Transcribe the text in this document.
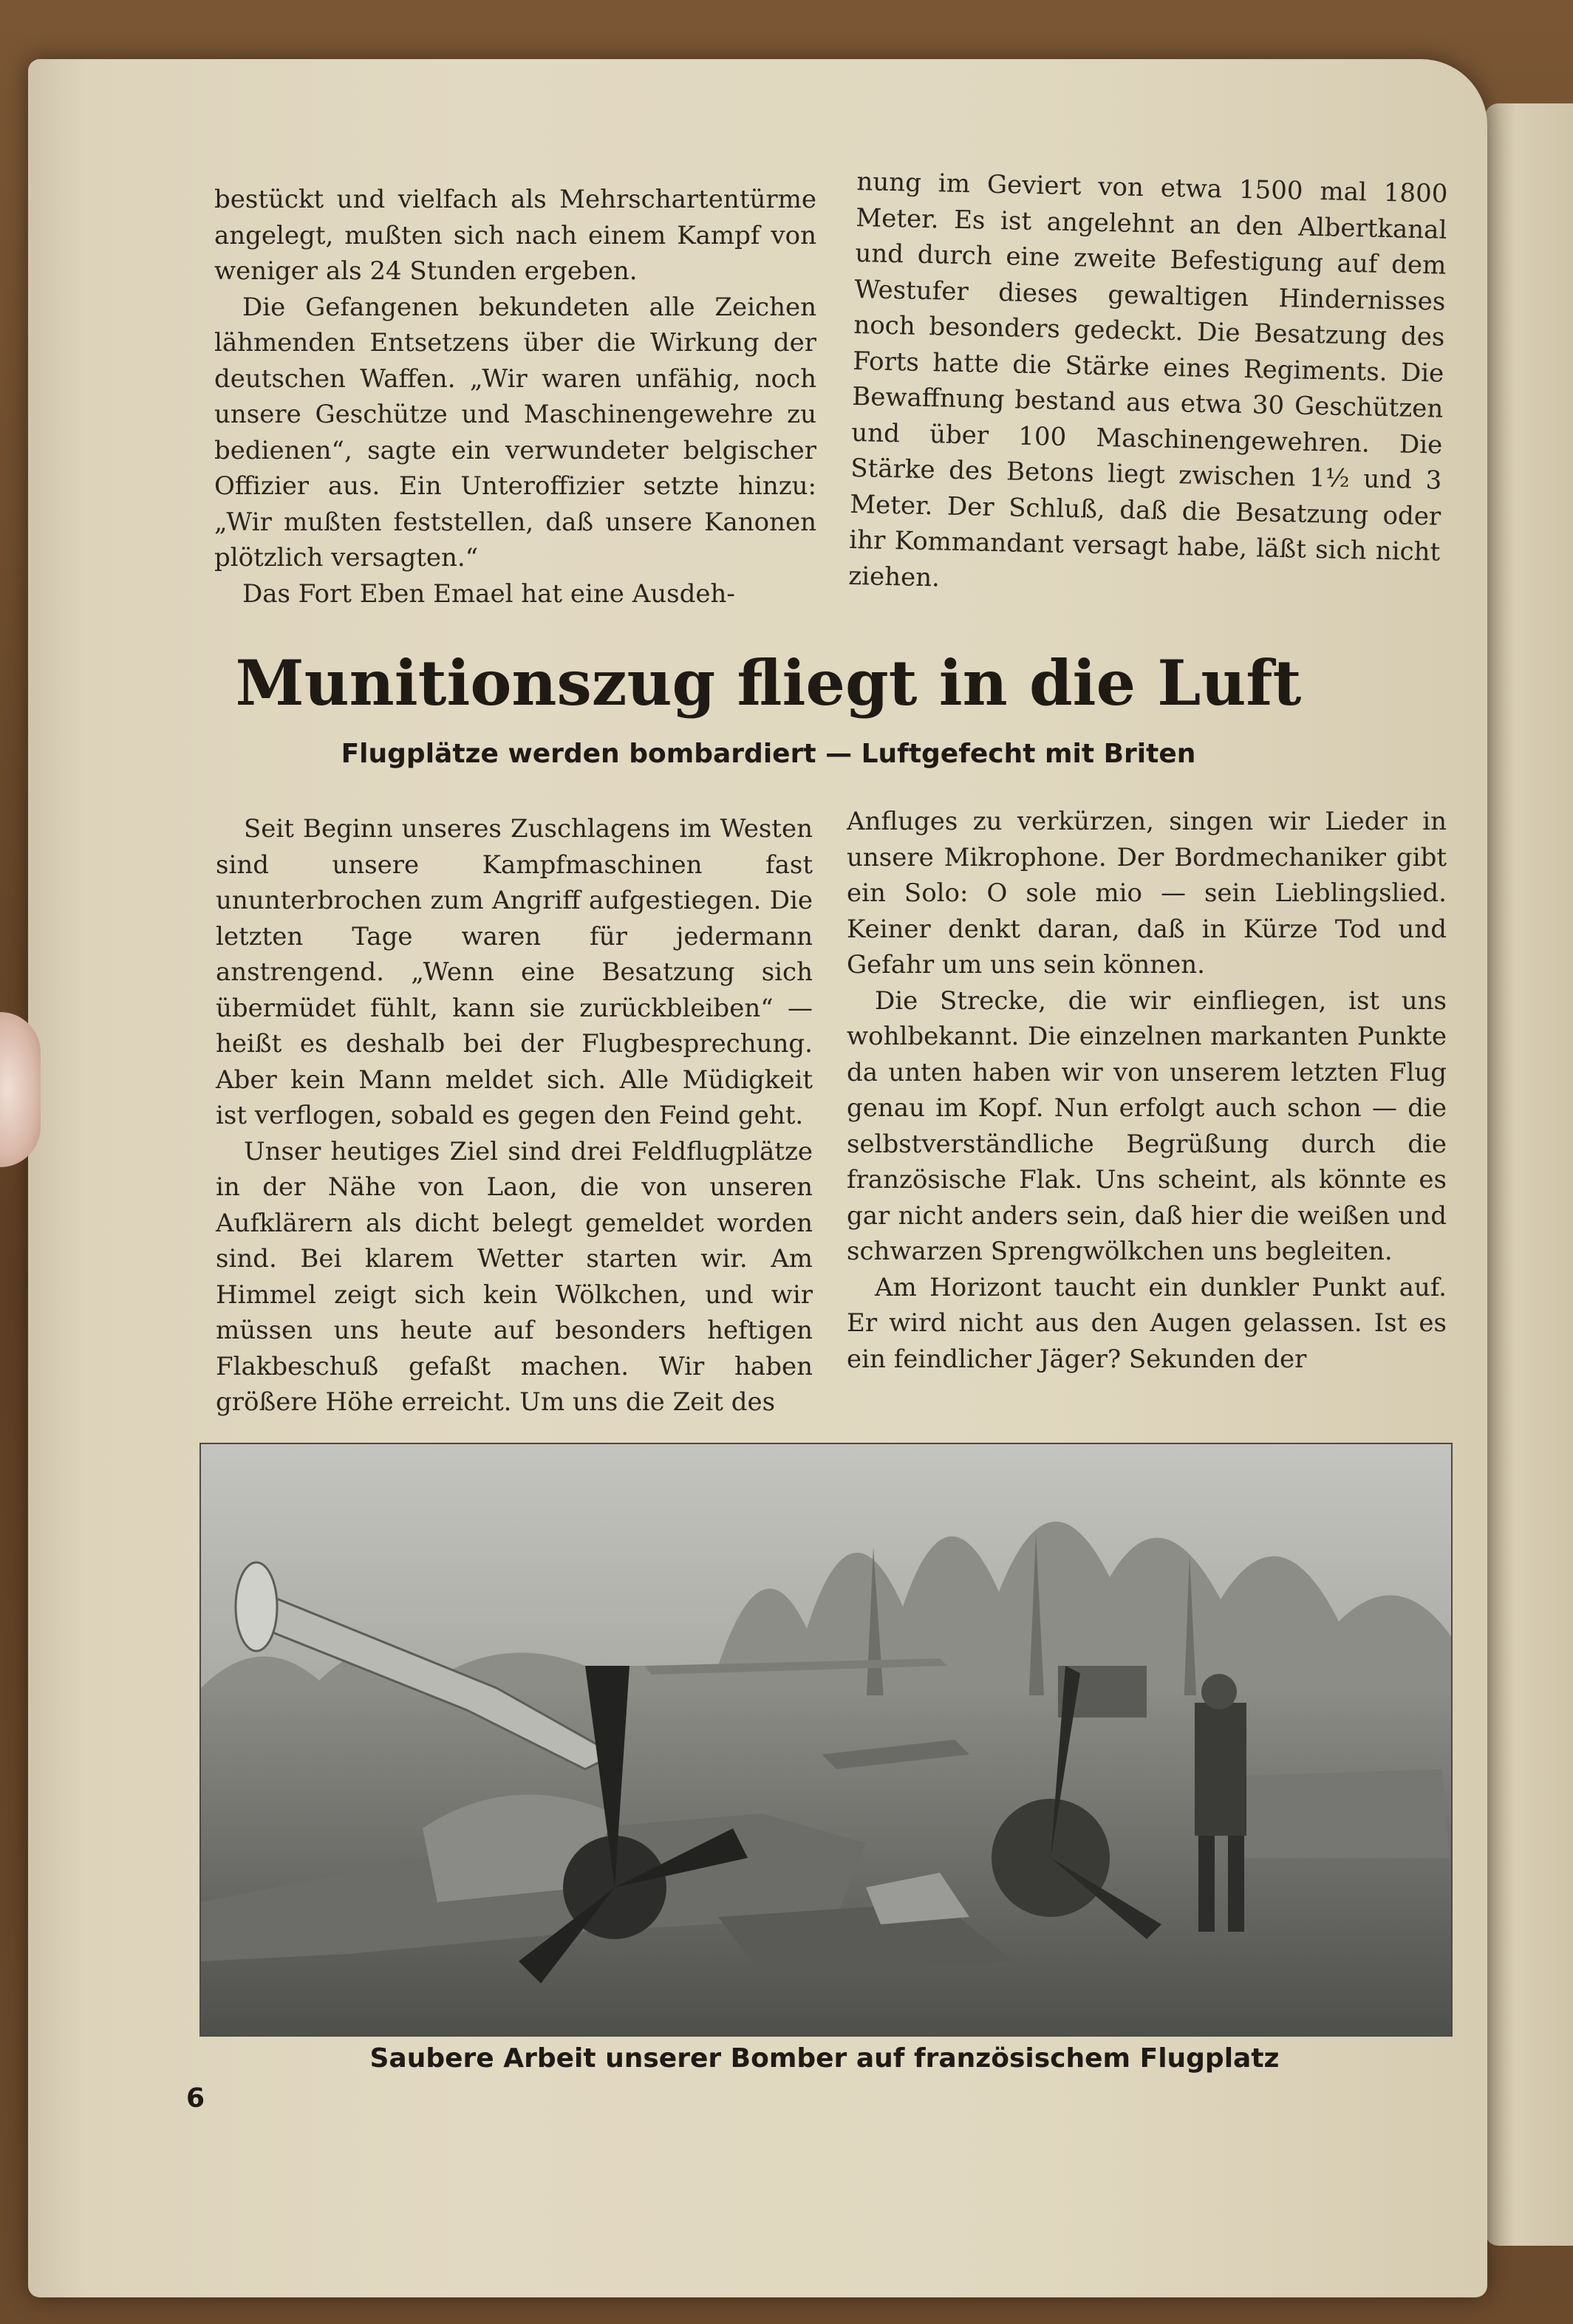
bestückt und vielfach als Mehrschartentürme angelegt, mußten sich nach einem Kampf von weniger als 24 Stunden ergeben.

Die Gefangenen bekundeten alle Zeichen lähmenden Entsetzens über die Wirkung der deutschen Waffen. „Wir waren unfähig, noch unsere Geschütze und Maschinengewehre zu bedienen“, sagte ein verwundeter belgischer Offizier aus. Ein Unteroffizier setzte hinzu: „Wir mußten feststellen, daß unsere Kanonen plötzlich versagten.“

Das Fort Eben Emael hat eine Ausdeh-

nung im Geviert von etwa 1500 mal 1800 Meter. Es ist angelehnt an den Albertkanal und durch eine zweite Befestigung auf dem Westufer dieses gewaltigen Hindernisses noch besonders gedeckt. Die Besatzung des Forts hatte die Stärke eines Regiments. Die Bewaffnung bestand aus etwa 30 Geschützen und über 100 Maschinengewehren. Die Stärke des Betons liegt zwischen 1½ und 3 Meter. Der Schluß, daß die Besatzung oder ihr Kommandant versagt habe, läßt sich nicht ziehen.

Munitionszug fliegt in die Luft
Flugplätze werden bombardiert — Luftgefecht mit Briten

Seit Beginn unseres Zuschlagens im Westen sind unsere Kampfmaschinen fast ununterbrochen zum Angriff aufgestiegen. Die letzten Tage waren für jedermann anstrengend. „Wenn eine Besatzung sich übermüdet fühlt, kann sie zurückbleiben“ — heißt es deshalb bei der Flugbesprechung. Aber kein Mann meldet sich. Alle Müdigkeit ist verflogen, sobald es gegen den Feind geht.

Unser heutiges Ziel sind drei Feldflugplätze in der Nähe von Laon, die von unseren Aufklärern als dicht belegt gemeldet worden sind. Bei klarem Wetter starten wir. Am Himmel zeigt sich kein Wölkchen, und wir müssen uns heute auf besonders heftigen Flakbeschuß gefaßt machen. Wir haben größere Höhe erreicht. Um uns die Zeit des

Anfluges zu verkürzen, singen wir Lieder in unsere Mikrophone. Der Bordmechaniker gibt ein Solo: O sole mio — sein Lieblingslied. Keiner denkt daran, daß in Kürze Tod und Gefahr um uns sein können.

Die Strecke, die wir einfliegen, ist uns wohlbekannt. Die einzelnen markanten Punkte da unten haben wir von unserem letzten Flug genau im Kopf. Nun erfolgt auch schon — die selbstverständliche Begrüßung durch die französische Flak. Uns scheint, als könnte es gar nicht anders sein, daß hier die weißen und schwarzen Sprengwölkchen uns begleiten.

Am Horizont taucht ein dunkler Punkt auf. Er wird nicht aus den Augen gelassen. Ist es ein feindlicher Jäger? Sekunden der

Saubere Arbeit unserer Bomber auf französischem Flugplatz
6
